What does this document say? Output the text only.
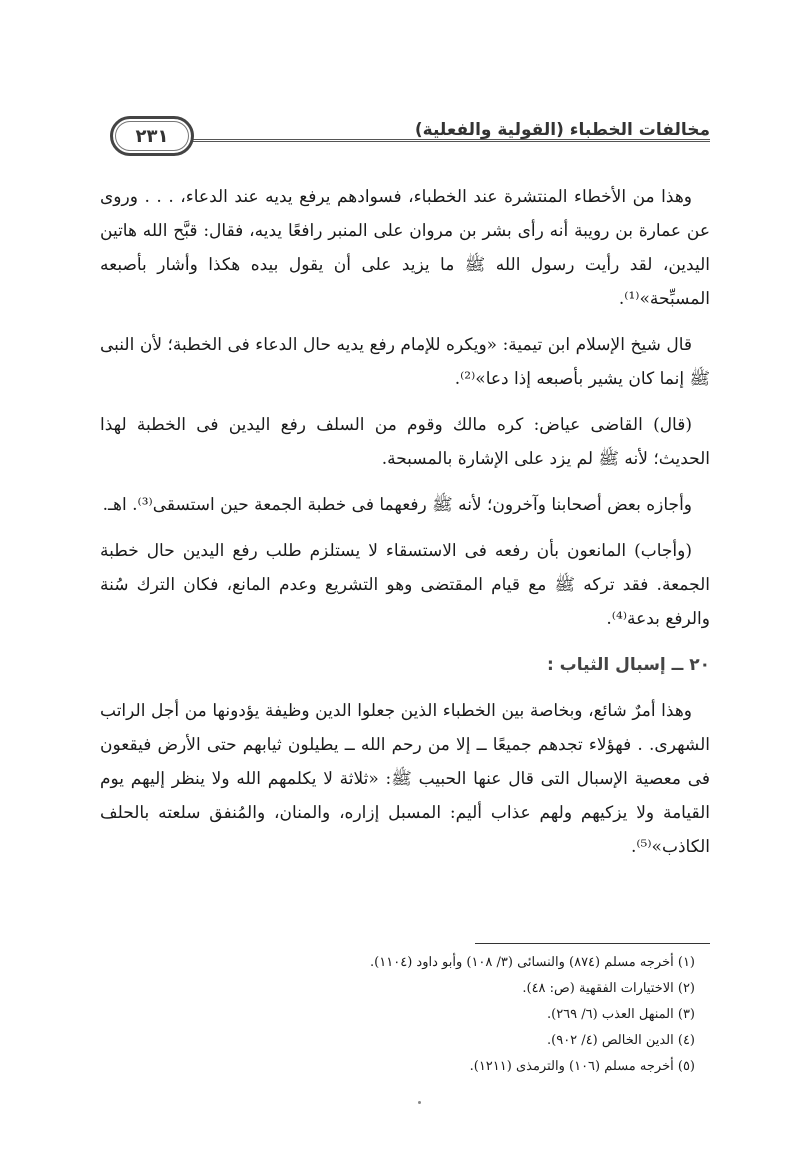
مخالفات الخطباء (القولية والفعلية)
٢٣١

وهذا من الأخطاء المنتشرة عند الخطباء، فسوادهم يرفع يديه عند الدعاء، . . . وروى عن عمارة بن رويبة أنه رأى بشر بن مروان على المنبر رافعًا يديه، فقال: قبَّح الله هاتين اليدين، لقد رأيت رسول الله ﷺ ما يزيد على أن يقول بيده هكذا وأشار بأصبعه المسبِّحة»⁽¹⁾.

قال شيخ الإسلام ابن تيمية: «ويكره للإمام رفع يديه حال الدعاء فى الخطبة؛ لأن النبى ﷺ إنما كان يشير بأصبعه إذا دعا»⁽²⁾.

(قال) القاضى عياض: كره مالك وقوم من السلف رفع اليدين فى الخطبة لهذا الحديث؛ لأنه ﷺ لم يزد على الإشارة بالمسبحة.

وأجازه بعض أصحابنا وآخرون؛ لأنه ﷺ رفعهما فى خطبة الجمعة حين استسقى⁽³⁾. اهـ.

(وأجاب) المانعون بأن رفعه فى الاستسقاء لا يستلزم طلب رفع اليدين حال خطبة الجمعة. فقد تركه ﷺ مع قيام المقتضى وهو التشريع وعدم المانع، فكان الترك سُنة والرفع بدعة⁽⁴⁾.

٢٠ ــ إسبال الثياب :

وهذا أمرٌ شائع، وبخاصة بين الخطباء الذين جعلوا الدين وظيفة يؤدونها من أجل الراتب الشهرى. . فهؤلاء تجدهم جميعًا ــ إلا من رحم الله ــ يطيلون ثيابهم حتى الأرض فيقعون فى معصية الإسبال التى قال عنها الحبيب ﷺ: «ثلاثة لا يكلمهم الله ولا ينظر إليهم يوم القيامة ولا يزكيهم ولهم عذاب أليم: المسبل إزاره، والمنان، والمُنفق سلعته بالحلف الكاذب»⁽⁵⁾.

(١) أخرجه مسلم (٨٧٤) والنسائى (٣/ ١٠٨) وأبو داود (١١٠٤).
(٢) الاختيارات الفقهية (ص: ٤٨).
(٣) المنهل العذب (٦/ ٢٦٩).
(٤) الدين الخالص (٤/ ٩٠٢).
(٥) أخرجه مسلم (١٠٦) والترمذى (١٢١١).
